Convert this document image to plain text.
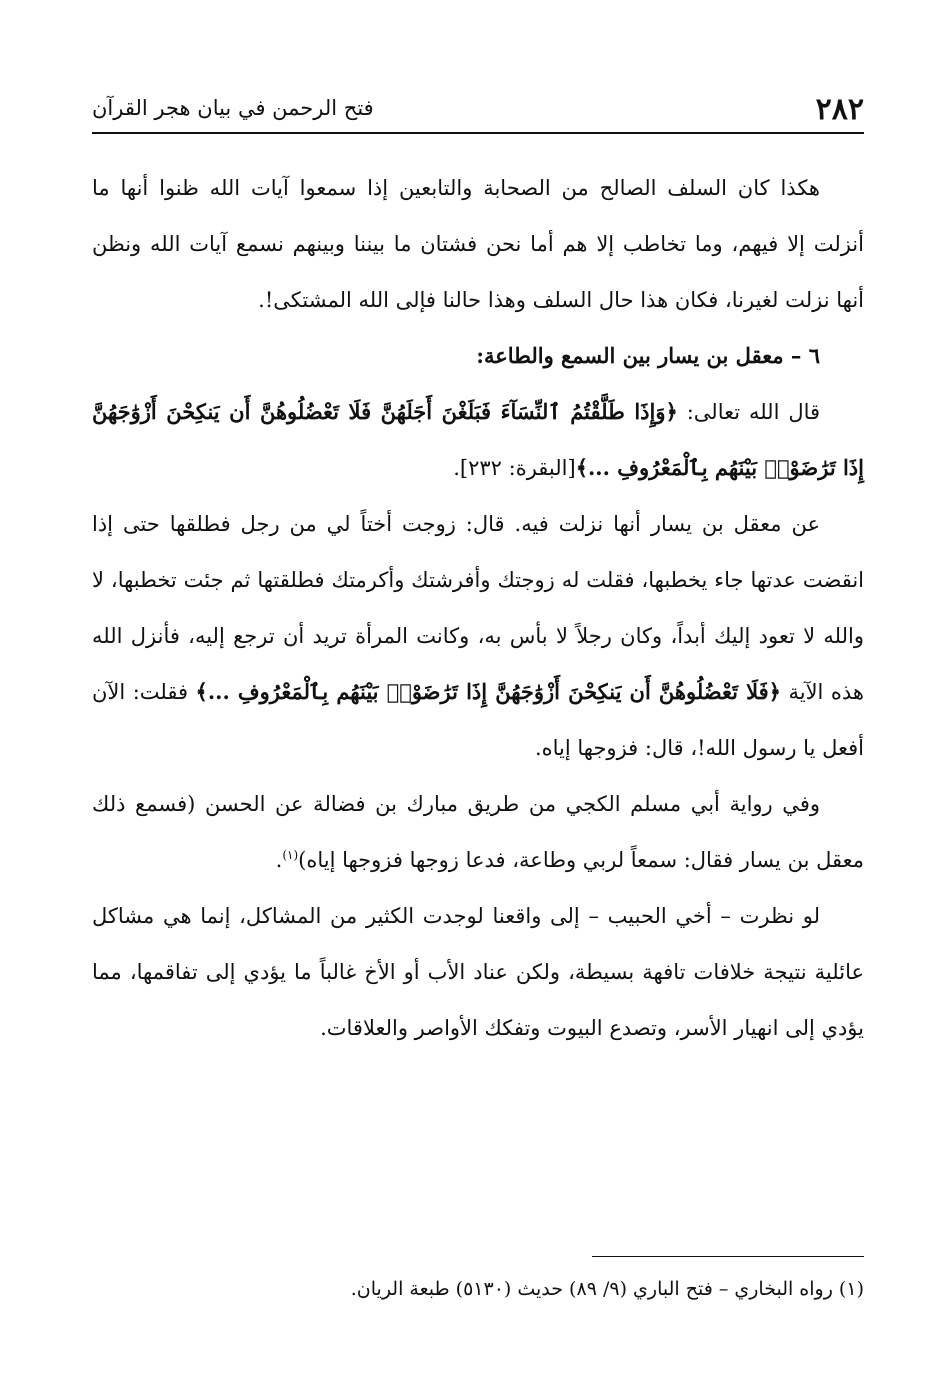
٢٨٢
فتح الرحمن في بيان هجر القرآن

هكذا كان السلف الصالح من الصحابة والتابعين إذا سمعوا آيات الله ظنوا أنها ما أنزلت إلا فيهم، وما تخاطب إلا هم أما نحن فشتان ما بيننا وبينهم نسمع آيات الله ونظن أنها نزلت لغيرنا، فكان هذا حال السلف وهذا حالنا فإلى الله المشتكى!.

٦ – معقل بن يسار بين السمع والطاعة:

قال الله تعالى: ﴿وَإِذَا طَلَّقْتُمُ ٱلنِّسَآءَ فَبَلَغْنَ أَجَلَهُنَّ فَلَا تَعْضُلُوهُنَّ أَن يَنكِحْنَ أَزْوَٰجَهُنَّ إِذَا تَرَٰضَوْا۟ بَيْنَهُم بِٱلْمَعْرُوفِ ...﴾[البقرة: ٢٣٢].

عن معقل بن يسار أنها نزلت فيه. قال: زوجت أختاً لي من رجل فطلقها حتى إذا انقضت عدتها جاء يخطبها، فقلت له زوجتك وأفرشتك وأكرمتك فطلقتها ثم جئت تخطبها، لا والله لا تعود إليك أبداً، وكان رجلاً لا بأس به، وكانت المرأة تريد أن ترجع إليه، فأنزل الله هذه الآية ﴿فَلَا تَعْضُلُوهُنَّ أَن يَنكِحْنَ أَزْوَٰجَهُنَّ إِذَا تَرَٰضَوْا۟ بَيْنَهُم بِٱلْمَعْرُوفِ ...﴾ فقلت: الآن أفعل يا رسول الله!، قال: فزوجها إياه.

وفي رواية أبي مسلم الكجي من طريق مبارك بن فضالة عن الحسن (فسمع ذلك معقل بن يسار فقال: سمعاً لربي وطاعة، فدعا زوجها فزوجها إياه)$^{(١)}$.

لو نظرت – أخي الحبيب – إلى واقعنا لوجدت الكثير من المشاكل، إنما هي مشاكل عائلية نتيجة خلافات تافهة بسيطة، ولكن عناد الأب أو الأخ غالباً ما يؤدي إلى تفاقمها، مما يؤدي إلى انهيار الأسر، وتصدع البيوت وتفكك الأواصر والعلاقات.

(١) رواه البخاري – فتح الباري (٩/ ٨٩) حديث (٥١٣٠) طبعة الريان.
